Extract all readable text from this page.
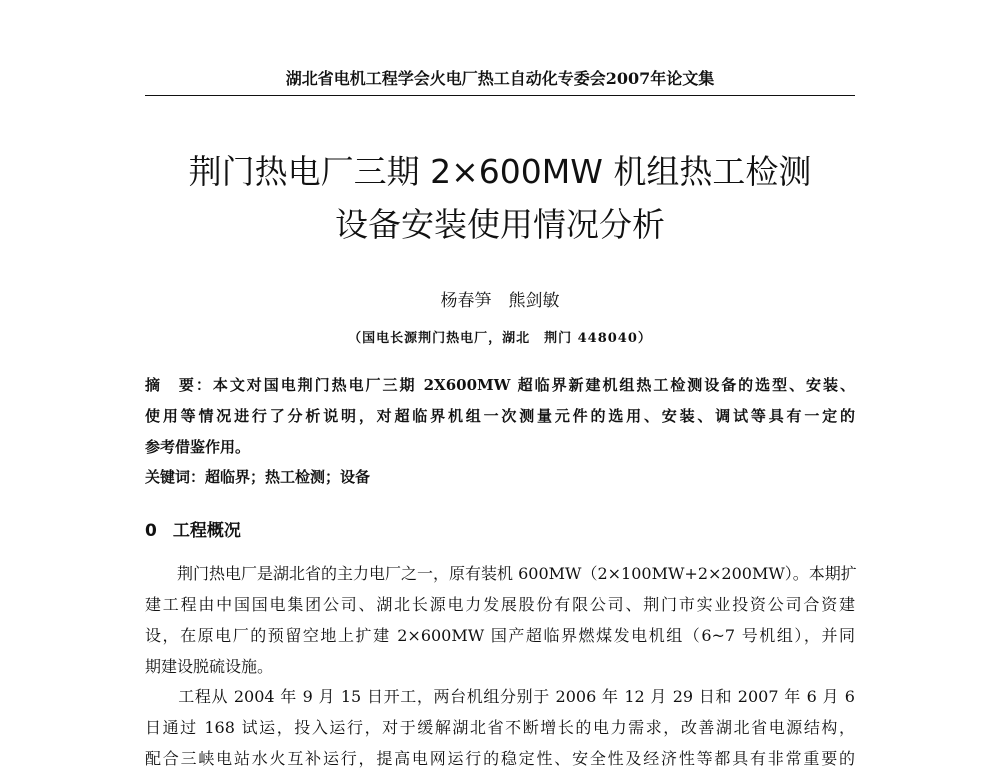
湖北省电机工程学会火电厂热工自动化专委会2007年论文集
荆门热电厂三期 2×600MW 机组热工检测
设备安装使用情况分析
杨春笋　熊剑敏
（国电长源荆门热电厂，湖北　荆门 448040）
摘　要：本文对国电荆门热电厂三期 2X600MW 超临界新建机组热工检测设备的选型、安装、
使用等情况进行了分析说明，对超临界机组一次测量元件的选用、安装、调试等具有一定的
参考借鉴作用。
关键词：超临界；热工检测；设备
0 工程概况
　　荆门热电厂是湖北省的主力电厂之一，原有装机 600MW（2×100MW+2×200MW）。本期扩
建工程由中国国电集团公司、湖北长源电力发展股份有限公司、荆门市实业投资公司合资建
设，在原电厂的预留空地上扩建 2×600MW 国产超临界燃煤发电机组（6~7 号机组），并同
期建设脱硫设施。
　　工程从 2004 年 9 月 15 日开工，两台机组分别于 2006 年 12 月 29 日和 2007 年 6 月 6
日通过 168 试运，投入运行，对于缓解湖北省不断增长的电力需求，改善湖北省电源结构，
配合三峡电站水火互补运行，提高电网运行的稳定性、安全性及经济性等都具有非常重要的
